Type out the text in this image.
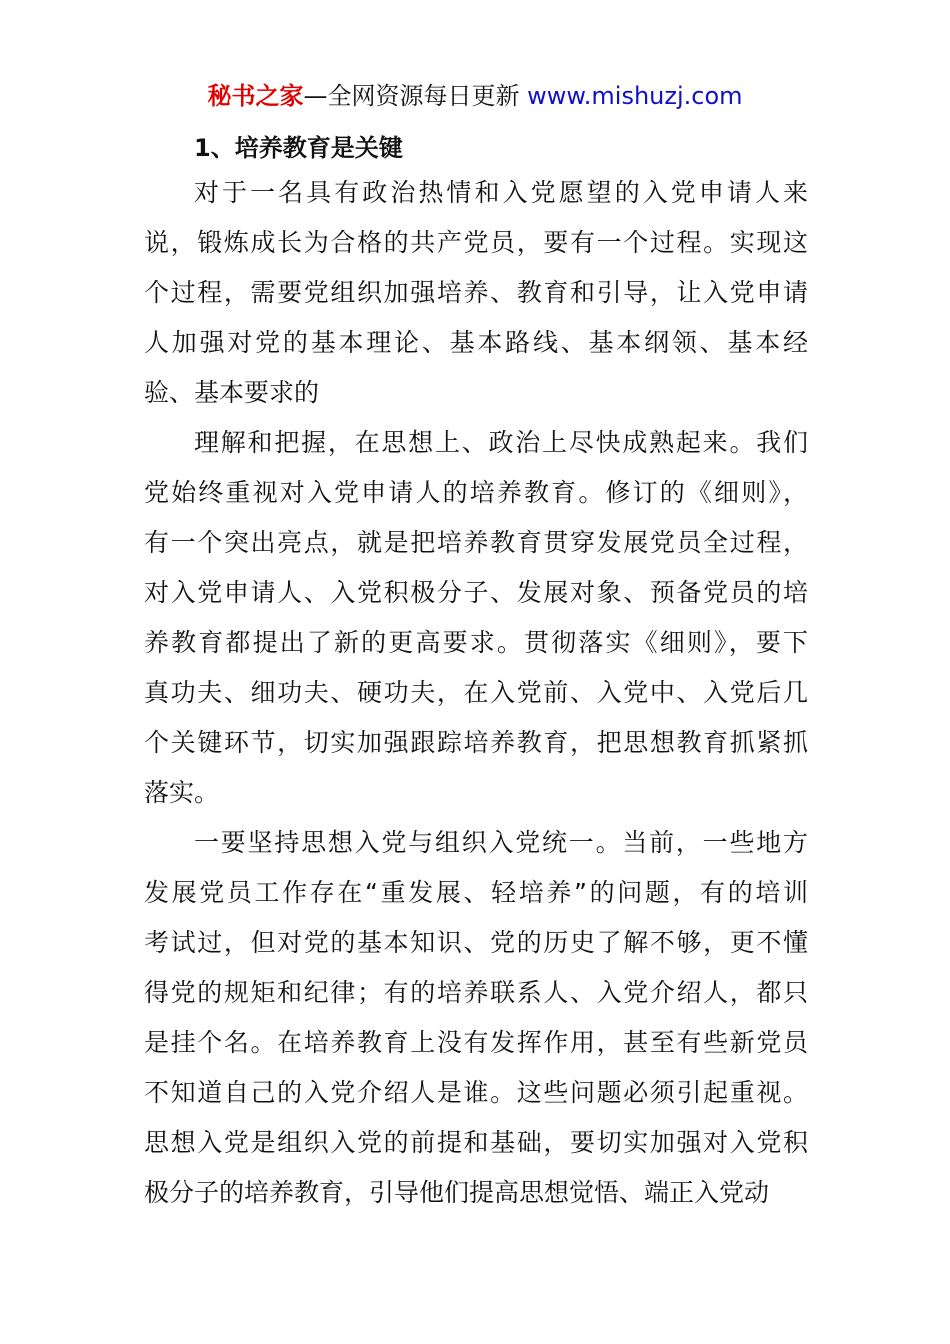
秘书之家—全网资源每日更新 www.mishuzj.com
1、培养教育是关键
对于一名具有政治热情和入党愿望的入党申请人来
说，锻炼成长为合格的共产党员，要有一个过程。实现这
个过程，需要党组织加强培养、教育和引导，让入党申请
人加强对党的基本理论、基本路线、基本纲领、基本经
验、基本要求的
理解和把握，在思想上、政治上尽快成熟起来。我们
党始终重视对入党申请人的培养教育。修订的《细则》，
有一个突出亮点，就是把培养教育贯穿发展党员全过程，
对入党申请人、入党积极分子、发展对象、预备党员的培
养教育都提出了新的更高要求。贯彻落实《细则》，要下
真功夫、细功夫、硬功夫，在入党前、入党中、入党后几
个关键环节，切实加强跟踪培养教育，把思想教育抓紧抓
落实。
一要坚持思想入党与组织入党统一。当前，一些地方
发展党员工作存在“重发展、轻培养”的问题，有的培训
考试过，但对党的基本知识、党的历史了解不够，更不懂
得党的规矩和纪律；有的培养联系人、入党介绍人，都只
是挂个名。在培养教育上没有发挥作用，甚至有些新党员
不知道自己的入党介绍人是谁。这些问题必须引起重视。
思想入党是组织入党的前提和基础，要切实加强对入党积
极分子的培养教育，引导他们提高思想觉悟、端正入党动
